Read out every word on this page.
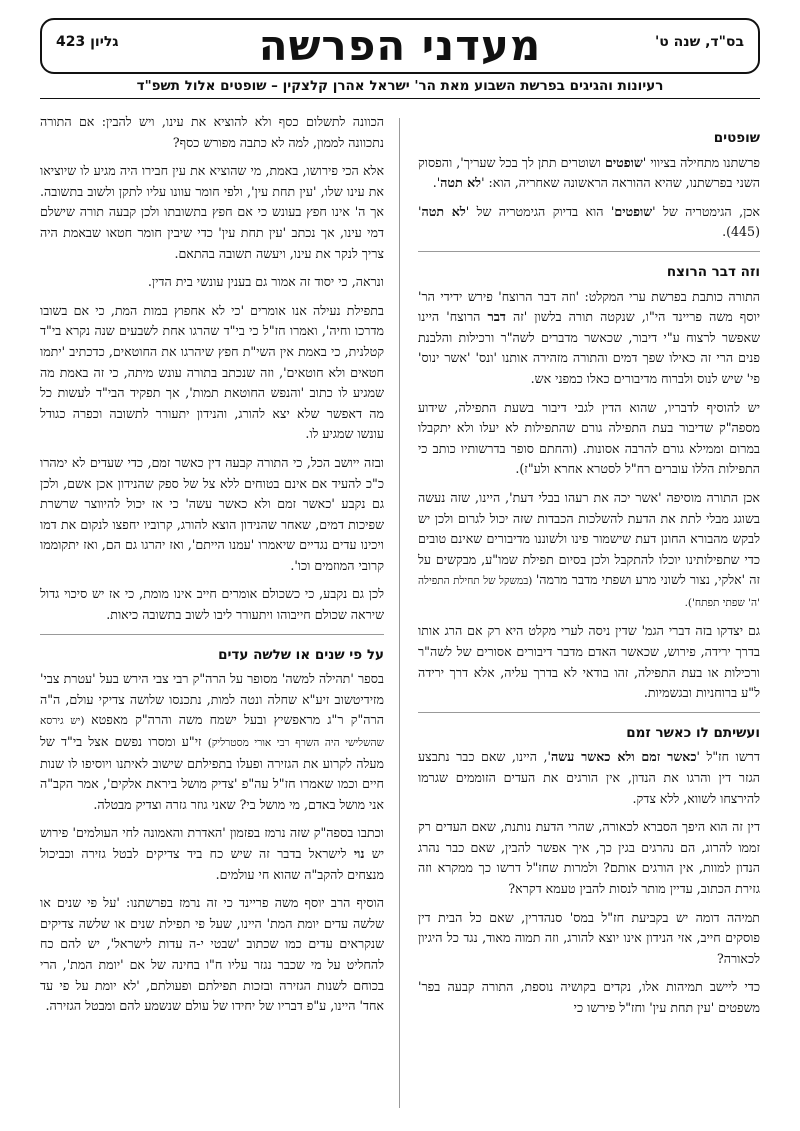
בס"ד, שנה ט'
מעדני הפרשה
גליון 423
רעיונות והגיגים בפרשת השבוע מאת הר' ישראל אהרן קלצקין – שופטים אלול תשפ"ד
שופטים

פרשתנו מתחילה בציווי 'שופטים ושוטרים תתן לך בכל שעריך', והפסוק השני בפרשתנו, שהיא ההוראה הראשונה שאחריה, הוא: 'לא תטה'.

אכן, הגימטריה של 'שופטים' הוא בדיוק הגימטריה של 'לא תטה' (445).

וזה דבר הרוצח

התורה כותבת בפרשת ערי המקלט: 'וזה דבר הרוצח' פירש ידידי הר' יוסף משה פריינד הי"ו, שנקטה תורה בלשון 'זה דבר הרוצח' היינו שאפשר לרצוח ע"י דיבור, שכאשר מדברים לשה"ר ורכילות והלבנת פנים הרי זה כאילו שפך דמים והתורה מזהירה אותנו 'ונס' 'אשר ינוס' פי' שיש לנוס ולברוח מדיבורים כאלו כמפני אש.

יש להוסיף לדבריו, שהוא הדין לגבי דיבור בשעת התפילה, שידוע מספה"ק שדיבור בעת התפילה גורם שהתפילות לא יעלו ולא יתקבלו במרום וממילא גורם להרבה אסונות. (והחתם סופר בדרשותיו כותב כי התפילות הללו עוברים רח"ל לסטרא אחרא ולע"ז).

אכן התורה מוסיפה 'אשר יכה את רעהו בבלי דעת', היינו, שזה נעשה בשוגג מבלי לתת את הדעת להשלכות הכבדות שזה יכול לגרום ולכן יש לבקש מהבורא החונן דעת שישמור פינו ולשוננו מדיבורים שאינם טובים כדי שתפילותינו יוכלו להתקבל ולכן בסיום תפילת שמו"ע, מבקשים על זה 'אלקי, נצור לשוני מרע ושפתי מדבר מרמה' (במשקל של תחילת התפילה 'ה' שפתי תפתח').

גם יצדקו בזה דברי הגמ' שדין ניסה לערי מקלט היא רק אם הרג אותו בדרך ירידה, פירוש, שכאשר האדם מדבר דיבורים אסורים של לשה"ר ורכילות או בעת התפילה, זהו בודאי לא בדרך עליה, אלא דרך ירידה ל"ע ברוחניות ובגשמיות.

ועשיתם לו כאשר זמם

דרשו חז"ל 'כאשר זמם ולא כאשר עשה', היינו, שאם כבר נתבצע הגזר דין והרגו את הנדון, אין הורגים את העדים הזוממים שגרמו להירצחו לשווא, ללא צדק.

דין זה הוא היפך הסברא לכאורה, שהרי הדעת נותנת, שאם העדים רק זממו להרוג, הם נהרגים בגין כך, איך אפשר להבין, שאם כבר נהרג הנדון למוות, אין הורגים אותם? ולמרות שחז"ל דרשו כך ממקרא וזה גזירת הכתוב, עדיין מותר לנסות להבין טעמא דקרא?

תמיהה דומה יש בקביעת חז"ל במס' סנהדרין, שאם כל הבית דין פוסקים חייב, אזי הנידון אינו יוצא להורג, וזה תמוה מאוד, נגד כל היגיון לכאורה?

כדי ליישב תמיהות אלו, נקדים בקושיה נוספת, התורה קבעה בפר' משפטים 'עין תחת עין' וחז"ל פירשו כי

הכוונה לתשלום כסף ולא להוציא את עינו, ויש להבין: אם התורה נתכוונה לממון, למה לא כתבה מפורש כסף?

אלא הכי פירושו, באמת, מי שהוציא את עין חבירו היה מגיע לו שיוציאו את עינו שלו, 'עין תחת עין', ולפי חומר עוונו עליו לתקן ולשוב בתשובה. אך ה' אינו חפץ בעונש כי אם חפץ בתשובתו ולכן קבעה תורה שישלם דמי עינו, אך נכתב 'עין תחת עין' כדי שיבין חומר חטאו שבאמת היה צריך לנקר את עינו, ויעשה תשובה בהתאם.

ונראה, כי יסוד זה אמור גם בענין עונשי בית הדין.

בתפילת נעילה אנו אומרים 'כי לא אחפוץ במות המת, כי אם בשובו מדרכו וחיה', ואמרו חז"ל כי בי"ד שהרגו אחת לשבעים שנה נקרא בי"ד קטלנית, כי באמת אין השי"ת חפץ שיהרגו את החוטאים, כדכתיב 'יתמו חטאים ולא חוטאים', וזה שנכתב בתורה עונש מיתה, כי זה באמת מה שמגיע לו כתוב 'והנפש החוטאת תמות', אך תפקיד הבי"ד לעשות כל מה דאפשר שלא יצא להורג, והנידון יתעורר לתשובה וכפרה כגודל עונשו שמגיע לו.

ובזה ייושב הכל, כי התורה קבעה דין כאשר זמם, כדי שעדים לא ימהרו כ"כ להעיד אם אינם בטוחים ללא צל של ספק שהנידון אכן אשם, ולכן גם נקבע 'כאשר זמם ולא כאשר עשה' כי אז יכול להיווצר שרשרת שפיכות דמים, שאחר שהנידון הוצא להורג, קרוביו יחפצו לנקום את דמו ויכינו עדים נגדיים שיאמרו 'עמנו הייתם', ואז יהרגו גם הם, ואז יתקוממו קרובי המוזמים וכו'.

לכן גם נקבע, כי כשכולם אומרים חייב אינו מומת, כי אז יש סיכוי גדול שיראה שכולם חייבוהו ויתעורר ליבו לשוב בתשובה כיאות.

על פי שנים או שלשה עדים

בספר 'תהילה למשה' מסופר על הרה"ק רבי צבי הירש בעל 'עטרת צבי' מזידיטשוב זיע"א שחלה ונטה למות, נתכנסו שלושה צדיקי עולם, ה"ה הרה"ק ר"ג מראפשיץ ובעל ישמח משה והרה"ק מאפטא (יש גירסא שהשלישי היה השרף רבי אורי מסטרליק) זי"ע ומסרו נפשם אצל בי"ד של מעלה לקרוע את הגזירה ופעלו בתפילתם שישוב לאיתנו ויוסיפו לו שנות חיים וכמו שאמרו חז"ל עה"פ 'צדיק מושל ביראת אלקים', אמר הקב"ה אני מושל באדם, מי מושל בי? שאני גוזר גזרה וצדיק מבטלה.

וכתבו בספה"ק שזה נרמז בפזמון 'האדרת והאמונה לחי העולמים' פירוש יש נוי לישראל בדבר זה שיש כח ביד צדיקים לבטל גזירה וכביכול מנצחים להקב"ה שהוא חי עולמים.

הוסיף הרב יוסף משה פריינד כי זה נרמז בפרשתנו: 'על פי שנים או שלשה עדים יומת המת' היינו, שעל פי תפילת שנים או שלשה צדיקים שנקראים עדים כמו שכתוב 'שבטי י-ה עדות לישראל', יש להם כח להחליט על מי שכבר נגזר עליו ח"ו בחינה של אם 'יומת המת', הרי בכוחם לשנות הגזירה ובזכות תפילתם ופעולתם, 'לא יומת על פי עד אחד' היינו, ע"פ דבריו של יחידו של עולם שנשמע להם ומבטל הגזירה.
